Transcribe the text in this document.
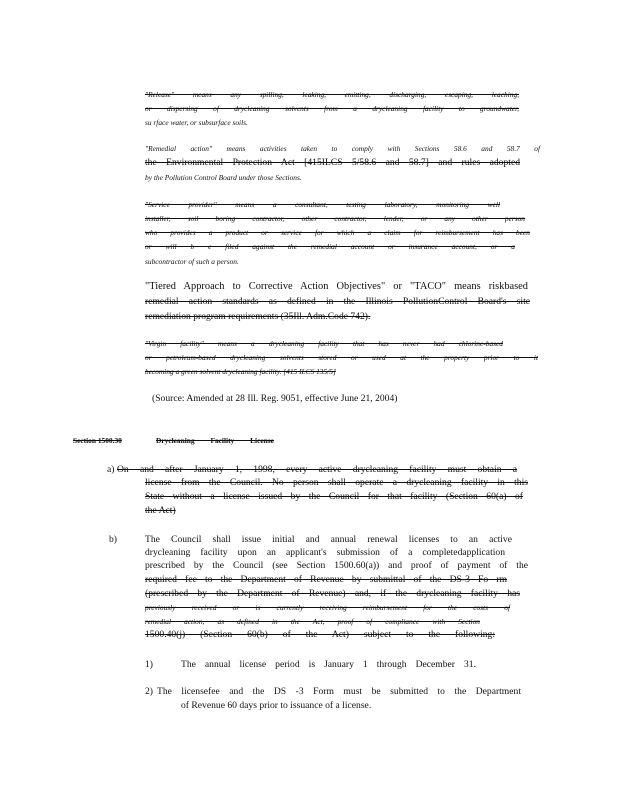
"Release" means any spilling, leaking, emitting, discharging, escaping, leaching,
or dispersing of drycleaning solvents from a drycleaning facility to groundwater,
su rface water, or subsurface soils.
"Remedial action" means activities taken to comply with Sections 58.6 and 58.7 of
the Environmental Protection Act [415ILCS 5/58.6 and 58.7] and rules adopted
by the Pollution Control Board under those Sections.
"Service provider" means a consultant, testing laboratory, monitoring well
installer, soil boring contractor, other contractor, lender, or any other person
who provides a product or service for which a claim for reimbursement has been
or will b e filed against the remedial account or insurance account, or a
subcontractor of such a person.
"Tiered Approach to Corrective Action Objectives" or "TACO" means riskbased
remedial action standards as defined in the Illinois PollutionControl Board's site
remediation program requirements (35Ill. Adm.Code 742).
"Virgin facility" means a drycleaning facility that has never had chlorine-based
or petroleum-based drycleaning solvents stored or used at the property prior to it
becoming a green solvent drycleaning facility. [415 ILCS 135/5]
(Source: Amended at 28 Ill. Reg. 9051, effective June 21, 2004)
Section 1500.30	Drycleaning Facility License
a) On and after January 1, 1998, every active drycleaning facility must obtain a
license from the Council. No person shall operate a drycleaning facility in this
State without a license issued by the Council for that facility (Section 60(a) of
the Act)
b)	The Council shall issue initial and annual renewal licenses to an active
drycleaning facility upon an applicant's submission of a completedapplication
prescribed by the Council (see Section 1500.60(a)) and proof of payment of the
required fee to the Department of Revenue by submittal of the DS-3 Fo rm
(prescribed by the Department of Revenue) and, if the drycleaning facility has
previously received or is currently receiving reimbursement for the costs of
remedial action, as defined in the Act, proof of compliance with Section
1500.40(j) (Section 60(b) of the Act) subject to the following:
1)	The annual license period is January 1 through December 31.
2) The licensefee and the DS -3 Form must be submitted to the Department
of Revenue 60 days prior to issuance of a license.
